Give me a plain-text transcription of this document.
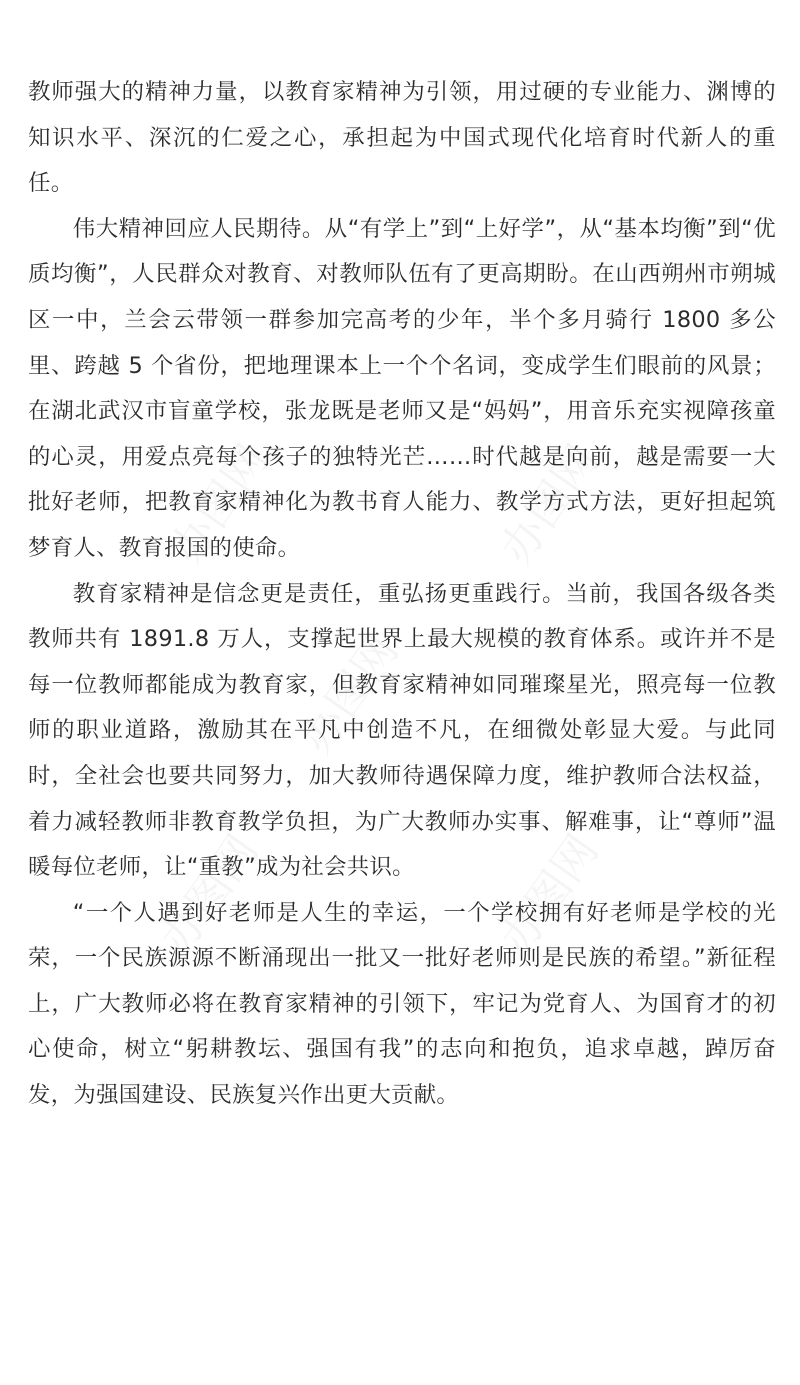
教师强大的精神力量，以教育家精神为引领，用过硬的专业能力、渊博的知识水平、深沉的仁爱之心，承担起为中国式现代化培育时代新人的重任。

伟大精神回应人民期待。从“有学上”到“上好学”，从“基本均衡”到“优质均衡”，人民群众对教育、对教师队伍有了更高期盼。在山西朔州市朔城区一中，兰会云带领一群参加完高考的少年，半个多月骑行 1800 多公里、跨越 5 个省份，把地理课本上一个个名词，变成学生们眼前的风景；在湖北武汉市盲童学校，张龙既是老师又是“妈妈”，用音乐充实视障孩童的心灵，用爱点亮每个孩子的独特光芒……时代越是向前，越是需要一大批好老师，把教育家精神化为教书育人能力、教学方式方法，更好担起筑梦育人、教育报国的使命。

教育家精神是信念更是责任，重弘扬更重践行。当前，我国各级各类教师共有 1891.8 万人，支撑起世界上最大规模的教育体系。或许并不是每一位教师都能成为教育家，但教育家精神如同璀璨星光，照亮每一位教师的职业道路，激励其在平凡中创造不凡，在细微处彰显大爱。与此同时，全社会也要共同努力，加大教师待遇保障力度，维护教师合法权益，着力减轻教师非教育教学负担，为广大教师办实事、解难事，让“尊师”温暖每位老师，让“重教”成为社会共识。

“一个人遇到好老师是人生的幸运，一个学校拥有好老师是学校的光荣，一个民族源源不断涌现出一批又一批好老师则是民族的希望。”新征程上，广大教师必将在教育家精神的引领下，牢记为党育人、为国育才的初心使命，树立“躬耕教坛、强国有我”的志向和抱负，追求卓越，踔厉奋发，为强国建设、民族复兴作出更大贡献。
